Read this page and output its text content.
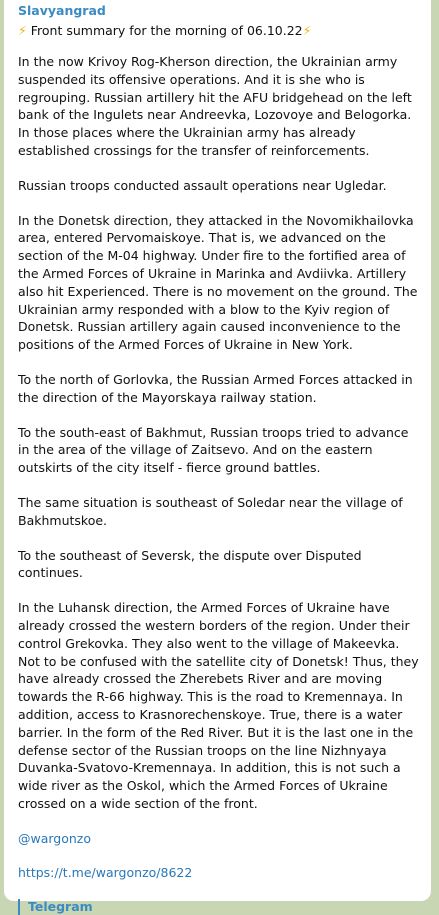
Slavyangrad
⚡ Front summary for the morning of 06.10.22⚡

In the now Krivoy Rog-Kherson direction, the Ukrainian army suspended its offensive operations. And it is she who is regrouping. Russian artillery hit the AFU bridgehead on the left bank of the Ingulets near Andreevka, Lozovoye and Belogorka. In those places where the Ukrainian army has already established crossings for the transfer of reinforcements.

Russian troops conducted assault operations near Ugledar.

In the Donetsk direction, they attacked in the Novomikhailovka area, entered Pervomaiskoye. That is, we advanced on the section of the M-04 highway. Under fire to the fortified area of the Armed Forces of Ukraine in Marinka and Avdiivka. Artillery also hit Experienced. There is no movement on the ground. The Ukrainian army responded with a blow to the Kyiv region of Donetsk. Russian artillery again caused inconvenience to the positions of the Armed Forces of Ukraine in New York.

To the north of Gorlovka, the Russian Armed Forces attacked in the direction of the Mayorskaya railway station.

To the south-east of Bakhmut, Russian troops tried to advance in the area of the village of Zaitsevo. And on the eastern outskirts of the city itself - fierce ground battles.

The same situation is southeast of Soledar near the village of Bakhmutskoe.

To the southeast of Seversk, the dispute over Disputed continues.

In the Luhansk direction, the Armed Forces of Ukraine have already crossed the western borders of the region. Under their control Grekovka. They also went to the village of Makeevka. Not to be confused with the satellite city of Donetsk! Thus, they have already crossed the Zherebets River and are moving towards the R-66 highway. This is the road to Kremennaya. In addition, access to Krasnorechenskoye. True, there is a water barrier. In the form of the Red River. But it is the last one in the defense sector of the Russian troops on the line Nizhnyaya Duvanka-Svatovo-Kremennaya. In addition, this is not such a wide river as the Oskol, which the Armed Forces of Ukraine crossed on a wide section of the front.

@wargonzo

https://t.me/wargonzo/8622

Telegram
